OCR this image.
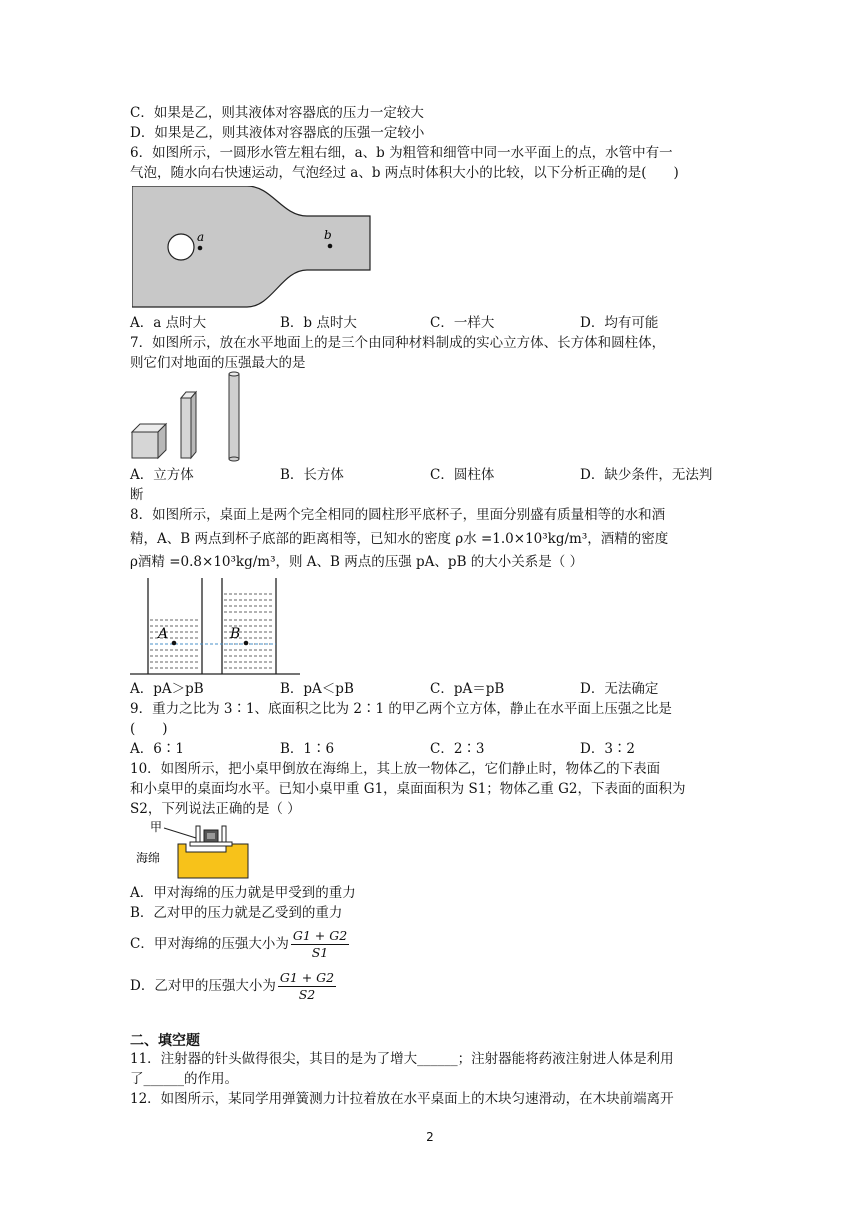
C．如果是乙，则其液体对容器底的压力一定较大
D．如果是乙，则其液体对容器底的压强一定较小
6．如图所示，一圆形水管左粗右细，a、b 为粗管和细管中同一水平面上的点，水管中有一
气泡，随水向右快速运动，气泡经过 a、b 两点时体积大小的比较，以下分析正确的是(　　)
a	b
A．a 点时大	B．b 点时大	C．一样大	D．均有可能
7．如图所示，放在水平地面上的是三个由同种材料制成的实心立方体、长方体和圆柱体，
则它们对地面的压强最大的是
A．立方体	B．长方体	C．圆柱体	D．缺少条件，无法判
断
8．如图所示，桌面上是两个完全相同的圆柱形平底杯子，里面分别盛有质量相等的水和酒
精，A、B 两点到杯子底部的距离相等，已知水的密度 ρ水 =1.0×10³kg/m³，酒精的密度
ρ酒精 =0.8×10³kg/m³，则 A、B 两点的压强 pA、pB 的大小关系是（ ）
A	B
A．pA＞pB	B．pA＜pB	C．pA＝pB	D．无法确定
9．重力之比为 3∶1、底面积之比为 2∶1 的甲乙两个立方体，静止在水平面上压强之比是
(　　)
A．6∶1	B．1∶6	C．2∶3	D．3∶2
10．如图所示，把小桌甲倒放在海绵上，其上放一物体乙，它们静止时，物体乙的下表面
和小桌甲的桌面均水平。已知小桌甲重 G1，桌面面积为 S1；物体乙重 G2，下表面的面积为
S2，下列说法正确的是（ ）
甲
海绵
A．甲对海绵的压力就是甲受到的重力
B．乙对甲的压力就是乙受到的重力
C．甲对海绵的压强大小为 $\frac{G1 + G2}{S1}$
D．乙对甲的压强大小为 $\frac{G1 + G2}{S2}$
二、填空题
11．注射器的针头做得很尖，其目的是为了增大______；注射器能将药液注射进人体是利用
了______的作用。
12．如图所示，某同学用弹簧测力计拉着放在水平桌面上的木块匀速滑动，在木块前端离开
2
